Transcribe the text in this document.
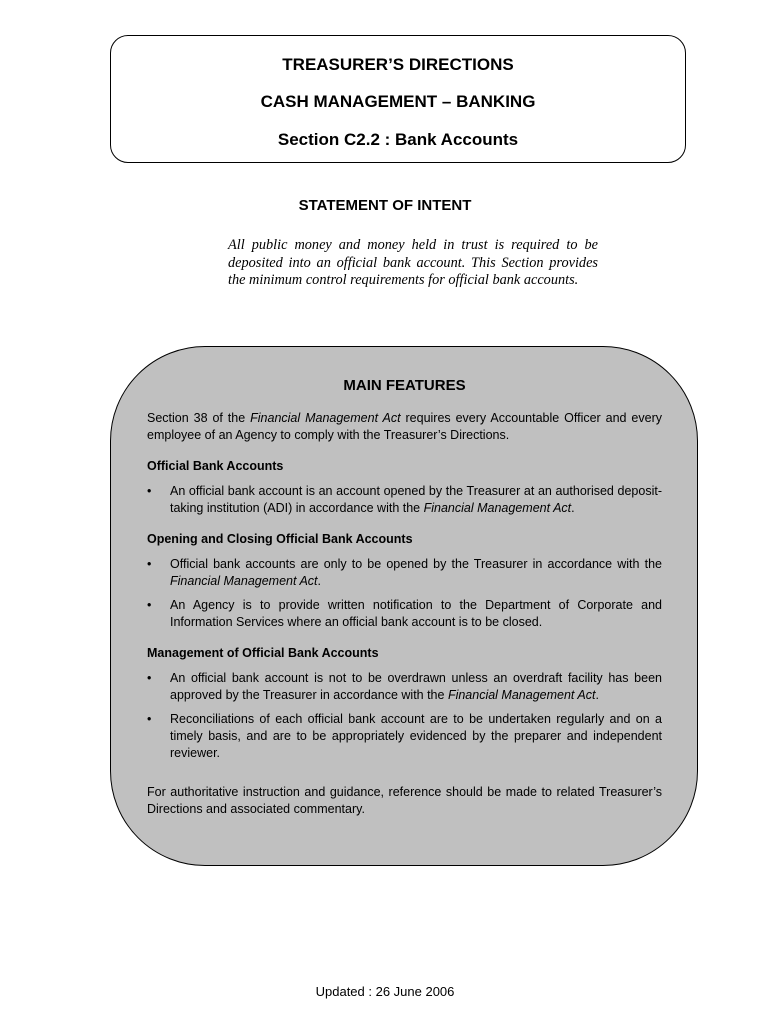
TREASURER’S DIRECTIONS
CASH MANAGEMENT – BANKING
Section C2.2 : Bank Accounts
STATEMENT OF INTENT
All public money and money held in trust is required to be deposited into an official bank account. This Section provides the minimum control requirements for official bank accounts.
MAIN FEATURES

Section 38 of the Financial Management Act requires every Accountable Officer and every employee of an Agency to comply with the Treasurer’s Directions.

Official Bank Accounts
• An official bank account is an account opened by the Treasurer at an authorised deposit-taking institution (ADI) in accordance with the Financial Management Act.
Opening and Closing Official Bank Accounts
• Official bank accounts are only to be opened by the Treasurer in accordance with the Financial Management Act.
• An Agency is to provide written notification to the Department of Corporate and Information Services where an official bank account is to be closed.
Management of Official Bank Accounts
• An official bank account is not to be overdrawn unless an overdraft facility has been approved by the Treasurer in accordance with the Financial Management Act.
• Reconciliations of each official bank account are to be undertaken regularly and on a timely basis, and are to be appropriately evidenced by the preparer and independent reviewer.

For authoritative instruction and guidance, reference should be made to related Treasurer’s Directions and associated commentary.

Updated : 26 June 2006
